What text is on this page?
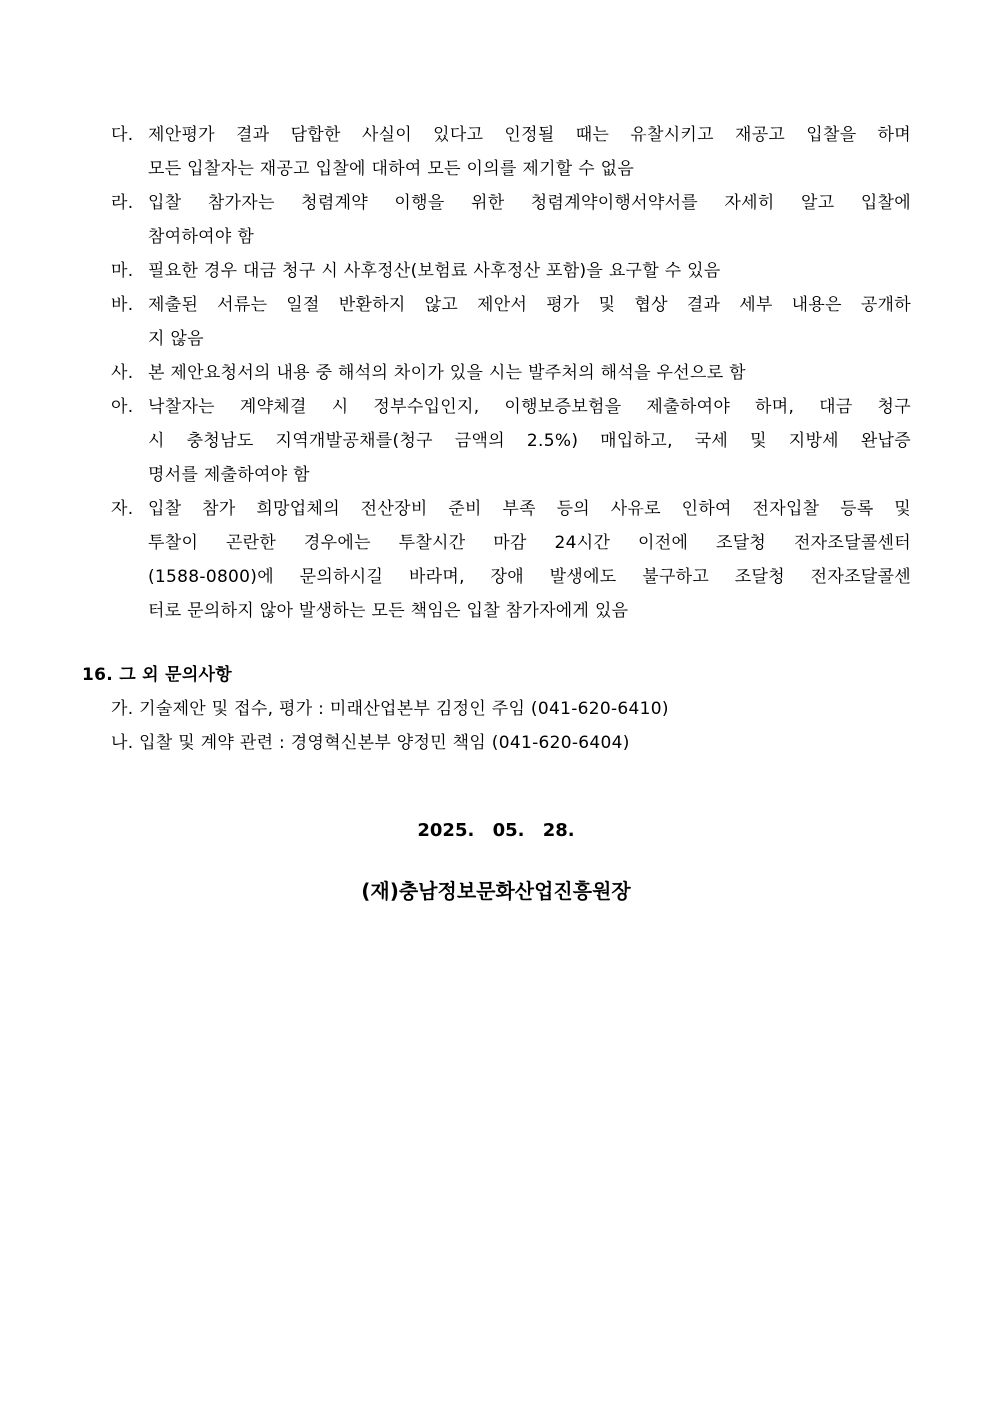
다. 제안평가 결과 담합한 사실이 있다고 인정될 때는 유찰시키고 재공고 입찰을 하며
모든 입찰자는 재공고 입찰에 대하여 모든 이의를 제기할 수 없음
라. 입찰 참가자는 청렴계약 이행을 위한 청렴계약이행서약서를 자세히 알고 입찰에
참여하여야 함
마. 필요한 경우 대금 청구 시 사후정산(보험료 사후정산 포함)을 요구할 수 있음
바. 제출된 서류는 일절 반환하지 않고 제안서 평가 및 협상 결과 세부 내용은 공개하
지 않음
사. 본 제안요청서의 내용 중 해석의 차이가 있을 시는 발주처의 해석을 우선으로 함
아. 낙찰자는 계약체결 시 정부수입인지, 이행보증보험을 제출하여야 하며, 대금 청구
시 충청남도 지역개발공채를(청구 금액의 2.5%) 매입하고, 국세 및 지방세 완납증
명서를 제출하여야 함
자. 입찰 참가 희망업체의 전산장비 준비 부족 등의 사유로 인하여 전자입찰 등록 및
투찰이 곤란한 경우에는 투찰시간 마감 24시간 이전에 조달청 전자조달콜센터
(1588-0800)에 문의하시길 바라며, 장애 발생에도 불구하고 조달청 전자조달콜센
터로 문의하지 않아 발생하는 모든 책임은 입찰 참가자에게 있음
16. 그 외 문의사항
가. 기술제안 및 접수, 평가 : 미래산업본부 김정인 주임 (041-620-6410)
나. 입찰 및 계약 관련 : 경영혁신본부 양정민 책임 (041-620-6404)
2025. 05. 28.
(재)충남정보문화산업진흥원장
